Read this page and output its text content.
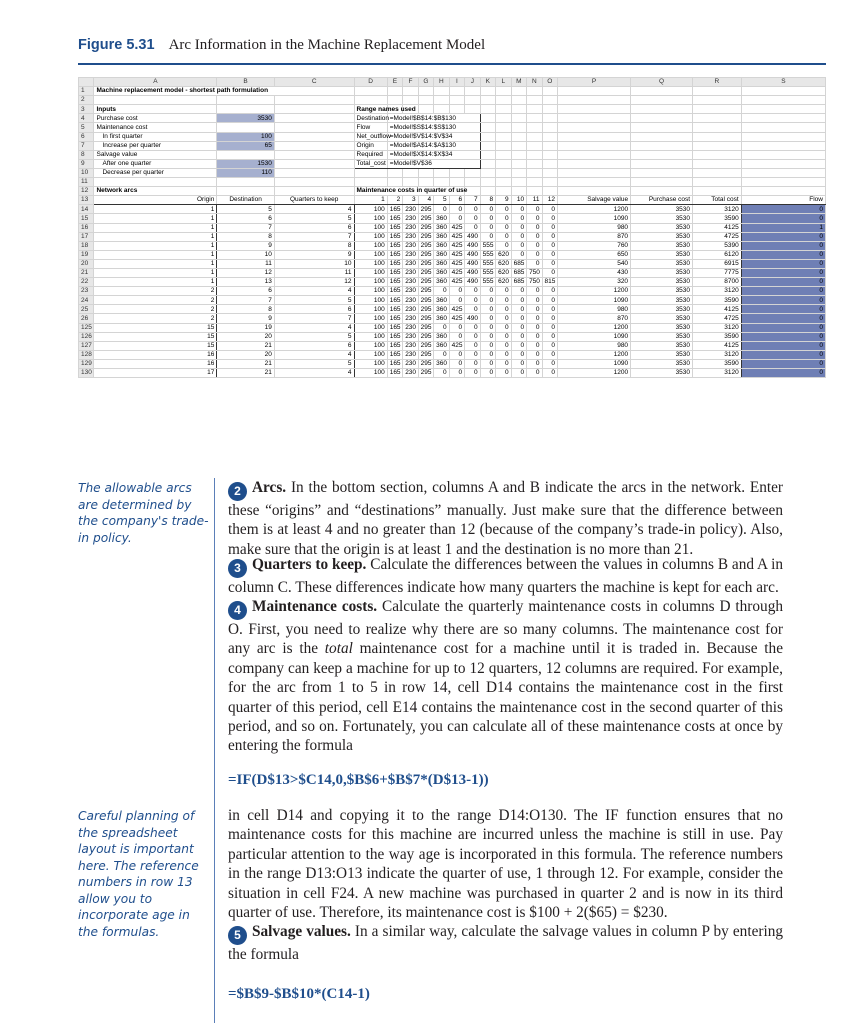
Figure 5.31 Arc Information in the Machine Replacement Model
	A	B	C	D	E	F	G	H	I	J	K	L	M	N	O	P	Q	R	S
1	Machine replacement model - shortest path formulation																		
2																			
3	Inputs			Range names used															
4	Purchase cost	3530		Destination	=Model!$B$14:$B$130														
5	Maintenance cost			Flow	=Model!$S$14:$S$130														
6	In first quarter	100		Net_outflow	=Model!$V$14:$V$34														
7	Increase per quarter	65		Origin	=Model!$A$14:$A$130														
8	Salvage value			Required	=Model!$X$14:$X$34														
9	After one quarter	1530		Total_cost	=Model!$V$36														
10	Decrease per quarter	110																	
11																			
12	Network arcs			Maintenance costs in quarter of use															
13	Origin	Destination	Quarters to keep	1	2	3	4	5	6	7	8	9	10	11	12	Salvage value	Purchase cost	Total cost	Flow
14	1	5	4	100	165	230	295	0	0	0	0	0	0	0	0	1200	3530	3120	0
15	1	6	5	100	165	230	295	360	0	0	0	0	0	0	0	1090	3530	3590	0
16	1	7	6	100	165	230	295	360	425	0	0	0	0	0	0	980	3530	4125	1
17	1	8	7	100	165	230	295	360	425	490	0	0	0	0	0	870	3530	4725	0
18	1	9	8	100	165	230	295	360	425	490	555	0	0	0	0	760	3530	5390	0
19	1	10	9	100	165	230	295	360	425	490	555	620	0	0	0	650	3530	6120	0
20	1	11	10	100	165	230	295	360	425	490	555	620	685	0	0	540	3530	6915	0
21	1	12	11	100	165	230	295	360	425	490	555	620	685	750	0	430	3530	7775	0
22	1	13	12	100	165	230	295	360	425	490	555	620	685	750	815	320	3530	8700	0
23	2	6	4	100	165	230	295	0	0	0	0	0	0	0	0	1200	3530	3120	0
24	2	7	5	100	165	230	295	360	0	0	0	0	0	0	0	1090	3530	3590	0
25	2	8	6	100	165	230	295	360	425	0	0	0	0	0	0	980	3530	4125	0
26	2	9	7	100	165	230	295	360	425	490	0	0	0	0	0	870	3530	4725	0
125	15	19	4	100	165	230	295	0	0	0	0	0	0	0	0	1200	3530	3120	0
126	15	20	5	100	165	230	295	360	0	0	0	0	0	0	0	1090	3530	3590	0
127	15	21	6	100	165	230	295	360	425	0	0	0	0	0	0	980	3530	4125	0
128	16	20	4	100	165	230	295	0	0	0	0	0	0	0	0	1200	3530	3120	0
129	16	21	5	100	165	230	295	360	0	0	0	0	0	0	0	1090	3530	3590	0
130	17	21	4	100	165	230	295	0	0	0	0	0	0	0	0	1200	3530	3120	0
The allowable arcs are determined by the company's trade-in policy.
Careful planning of the spreadsheet layout is important here. The reference numbers in row 13 allow you to incorporate age in the formulas.

2 Arcs. In the bottom section, columns A and B indicate the arcs in the network. Enter these “origins” and “destinations” manually. Just make sure that the difference between them is at least 4 and no greater than 12 (because of the company’s trade-in policy). Also, make sure that the origin is at least 1 and the destination is no more than 21.

3 Quarters to keep. Calculate the differences between the values in columns B and A in column C. These differences indicate how many quarters the machine is kept for each arc.

4 Maintenance costs. Calculate the quarterly maintenance costs in columns D through O. First, you need to realize why there are so many columns. The maintenance cost for any arc is the total maintenance cost for a machine until it is traded in. Because the company can keep a machine for up to 12 quarters, 12 columns are required. For example, for the arc from 1 to 5 in row 14, cell D14 contains the maintenance cost in the first quarter of this period, cell E14 contains the maintenance cost in the second quarter of this period, and so on. Fortunately, you can calculate all of these maintenance costs at once by entering the formula

=IF(D$13>$C14,0,$B$6+$B$7*(D$13-1))

in cell D14 and copying it to the range D14:O130. The IF function ensures that no maintenance costs for this machine are incurred unless the machine is still in use. Pay particular attention to the way age is incorporated in this formula. The reference numbers in the range D13:O13 indicate the quarter of use, 1 through 12. For example, consider the situation in cell F24. A new machine was purchased in quarter 2 and is now in its third quarter of use. Therefore, its maintenance cost is $100 + 2($65) = $230.

5 Salvage values. In a similar way, calculate the salvage values in column P by entering the formula

=$B$9-$B$10*(C14-1)
